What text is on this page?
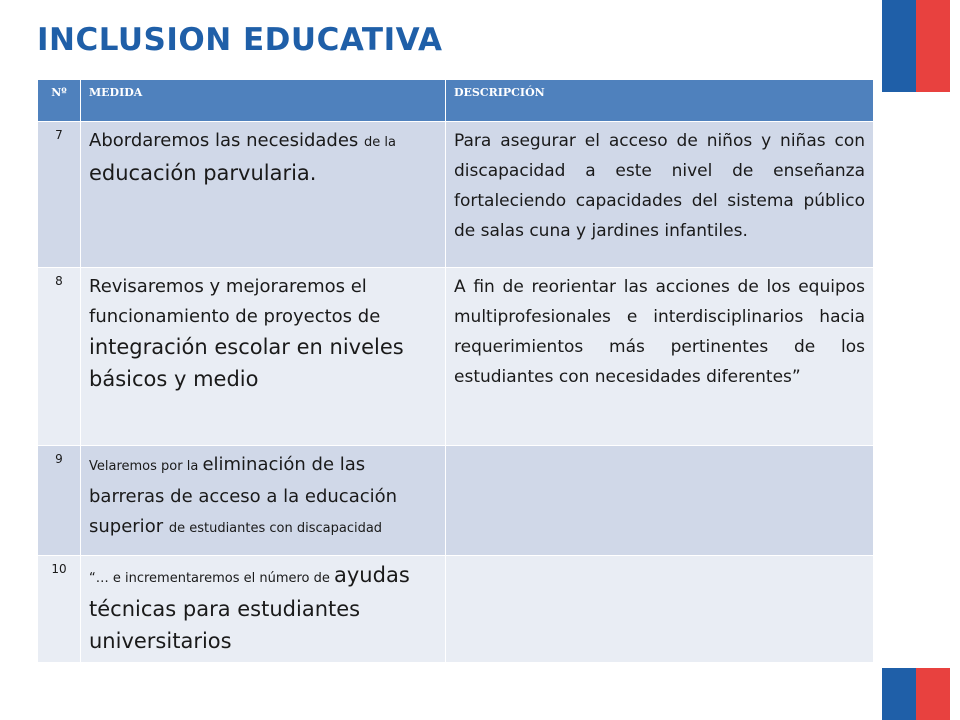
INCLUSION EDUCATIVA
Nº	MEDIDA	DESCRIPCIÓN
7	Abordaremos las necesidades de la educación parvularia.	Para asegurar el acceso de niños y niñas con discapacidad a este nivel de enseñanza fortaleciendo capacidades del sistema público de salas cuna y jardines infantiles.
8	Revisaremos y mejoraremos el funcionamiento de proyectos de integración escolar en niveles básicos y medio	A fin de reorientar las acciones de los equipos multiprofesionales e interdisciplinarios hacia requerimientos más pertinentes de los estudiantes con necesidades diferentes”
9	Velaremos por la eliminación de las barreras de acceso a la educación superior de estudiantes con discapacidad	
10	“… e incrementaremos el número de ayudas técnicas para estudiantes universitarios	
